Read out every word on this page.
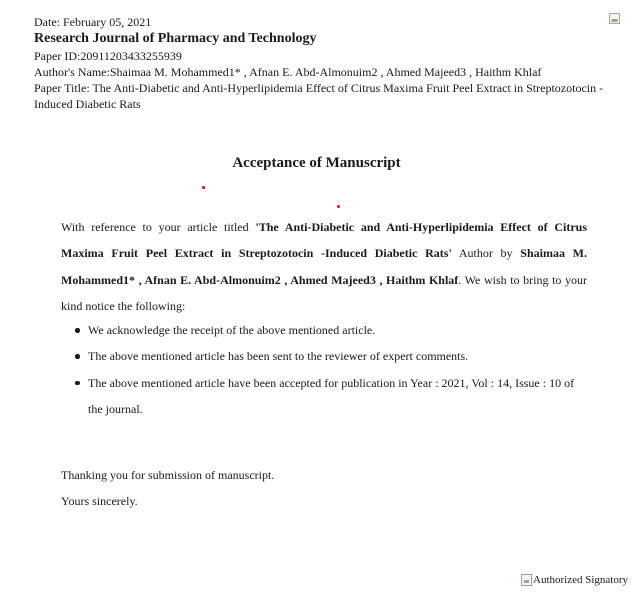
Date: February 05, 2021
Research Journal of Pharmacy and Technology
Paper ID:20911203433255939
Author's Name:Shaimaa M. Mohammed1* , Afnan E. Abd-Almonuim2 , Ahmed Majeed3 , Haithm Khlaf
Paper Title: The Anti-Diabetic and Anti-Hyperlipidemia Effect of Citrus Maxima Fruit Peel Extract in Streptozotocin - Induced Diabetic Rats
Acceptance of Manuscript

With reference to your article titled 'The Anti-Diabetic and Anti-Hyperlipidemia Effect of Citrus Maxima Fruit Peel Extract in Streptozotocin -Induced Diabetic Rats' Author by Shaimaa M. Mohammed1* , Afnan E. Abd-Almonuim2 , Ahmed Majeed3 , Haithm Khlaf. We wish to bring to your kind notice the following:

We acknowledge the receipt of the above mentioned article.
The above mentioned article has been sent to the reviewer of expert comments.
The above mentioned article have been accepted for publication in Year : 2021, Vol : 14, Issue : 10 of the journal.
Thanking you for submission of manuscript.
Yours sincerely.
Authorized Signatory
